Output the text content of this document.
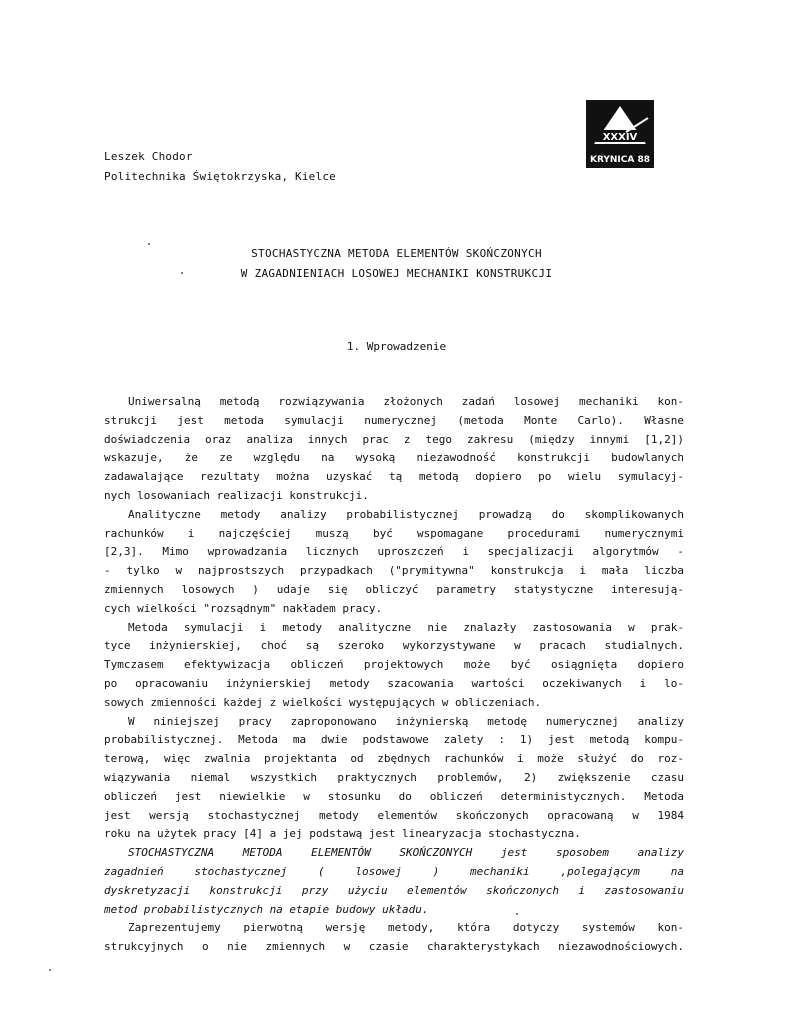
Leszek Chodor
Politechnika Świętokrzyska, Kielce
XXXIV
KRYNICA 88
STOCHASTYCZNA METODA ELEMENTÓW SKOŃCZONYCH
W ZAGADNIENIACH LOSOWEJ MECHANIKI KONSTRUKCJI
1. Wprowadzenie
Uniwersalną metodą rozwiązywania złożonych zadań losowej mechaniki kon-
strukcji jest metoda symulacji numerycznej (metoda Monte Carlo). Własne
doświadczenia oraz analiza innych prac z tego zakresu (między innymi [1,2])
wskazuje, że ze względu na wysoką niezawodność konstrukcji budowlanych
zadawalające rezultaty można uzyskać tą metodą dopiero po wielu symulacyj-
nych losowaniach realizacji konstrukcji.
Analityczne metody analizy probabilistycznej prowadzą do skomplikowanych
rachunków i najczęściej muszą być wspomagane procedurami numerycznymi
[2,3]. Mimo wprowadzania licznych uproszczeń i specjalizacji algorytmów -
- tylko w najprostszych przypadkach ("prymitywna" konstrukcja i mała liczba
zmiennych losowych ) udaje się obliczyć parametry statystyczne interesują-
cych wielkości "rozsądnym" nakładem pracy.
Metoda symulacji i metody analityczne nie znalazły zastosowania w prak-
tyce inżynierskiej, choć są szeroko wykorzystywane w pracach studialnych.
Tymczasem efektywizacja obliczeń projektowych może być osiągnięta dopiero
po opracowaniu inżynierskiej metody szacowania wartości oczekiwanych i lo-
sowych zmienności każdej z wielkości występujących w obliczeniach.
W niniejszej pracy zaproponowano inżynierską metodę numerycznej analizy
probabilistycznej. Metoda ma dwie podstawowe zalety : 1) jest metodą kompu-
terową, więc zwalnia projektanta od zbędnych rachunków i może służyć do roz-
wiązywania niemal wszystkich praktycznych problemów, 2) zwiększenie czasu
obliczeń jest niewielkie w stosunku do obliczeń deterministycznych. Metoda
jest wersją stochastycznej metody elementów skończonych opracowaną w 1984
roku na użytek pracy [4] a jej podstawą jest linearyzacja stochastyczna.
STOCHASTYCZNA METODA ELEMENTÓW SKOŃCZONYCH jest sposobem analizy
zagadnień stochastycznej ( losowej ) mechaniki ,polegającym na
dyskretyzacji konstrukcji przy użyciu elementów skończonych i zastosowaniu
metod probabilistycznych na etapie budowy układu.
Zaprezentujemy pierwotną wersję metody, która dotyczy systemów kon-
strukcyjnych o nie zmiennych w czasie charakterystykach niezawodnościowych.
